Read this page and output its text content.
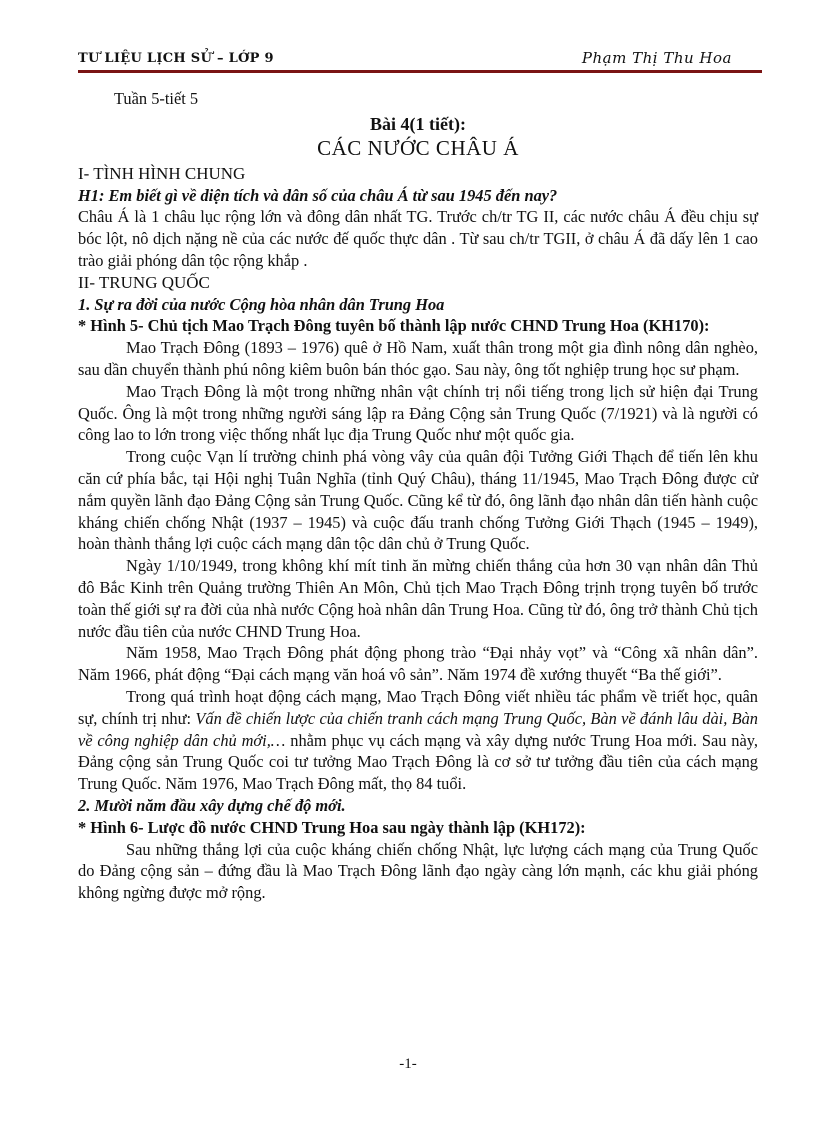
TƯ LIỆU LỊCH SỬ – LỚP 9	Phạm Thị Thu Hoa

Tuần 5-tiết 5

Bài 4(1 tiết):

CÁC NƯỚC CHÂU Á

I- TÌNH HÌNH CHUNG

H1: Em biết gì về diện tích và dân số của châu Á từ sau 1945 đến nay?

Châu Á là 1 châu lục rộng lớn và đông dân nhất TG. Trước ch/tr TG II, các nước châu Á đều chịu sự bóc lột, nô dịch nặng nề của các nước đế quốc thực dân . Từ sau ch/tr TGII, ở châu Á đã dấy lên 1 cao trào giải phóng dân tộc rộng khắp .

II- TRUNG QUỐC

1. Sự ra đời của nước Cộng hòa nhân dân Trung Hoa

* Hình 5- Chủ tịch Mao Trạch Đông tuyên bố thành lập nước CHND Trung Hoa (KH170):

Mao Trạch Đông (1893 – 1976) quê ở Hồ Nam, xuất thân trong một gia đình nông dân nghèo, sau dần chuyển thành phú nông kiêm buôn bán thóc gạo. Sau này, ông tốt nghiệp trung học sư phạm.

Mao Trạch Đông là một trong những nhân vật chính trị nổi tiếng trong lịch sử hiện đại Trung Quốc. Ông là một trong những người sáng lập ra Đảng Cộng sản Trung Quốc (7/1921) và là người có công lao to lớn trong việc thống nhất lục địa Trung Quốc như một quốc gia.

Trong cuộc Vạn lí trường chinh phá vòng vây của quân đội Tưởng Giới Thạch để tiến lên khu căn cứ phía bắc, tại Hội nghị Tuân Nghĩa (tỉnh Quý Châu), tháng 11/1945, Mao Trạch Đông được cử nắm quyền lãnh đạo Đảng Cộng sản Trung Quốc. Cũng kể từ đó, ông lãnh đạo nhân dân tiến hành cuộc kháng chiến chống Nhật (1937 – 1945) và cuộc đấu tranh chống Tưởng Giới Thạch (1945 – 1949), hoàn thành thắng lợi cuộc cách mạng dân tộc dân chủ ở Trung Quốc.

Ngày 1/10/1949, trong không khí mít tinh ăn mừng chiến thắng của hơn 30 vạn nhân dân Thủ đô Bắc Kinh trên Quảng trường Thiên An Môn, Chủ tịch Mao Trạch Đông trịnh trọng tuyên bố trước toàn thế giới sự ra đời của nhà nước Cộng hoà nhân dân Trung Hoa. Cũng từ đó, ông trở thành Chủ tịch nước đầu tiên của nước CHND Trung Hoa.

Năm 1958, Mao Trạch Đông phát động phong trào “Đại nhảy vọt” và “Công xã nhân dân”. Năm 1966, phát động “Đại cách mạng văn hoá vô sản”. Năm 1974 đề xướng thuyết “Ba thế giới”.

Trong quá trình hoạt động cách mạng, Mao Trạch Đông viết nhiều tác phẩm về triết học, quân sự, chính trị như: Vấn đề chiến lược của chiến tranh cách mạng Trung Quốc, Bàn về đánh lâu dài, Bàn về công nghiệp dân chủ mới,… nhằm phục vụ cách mạng và xây dựng nước Trung Hoa mới. Sau này, Đảng cộng sản Trung Quốc coi tư tưởng Mao Trạch Đông là cơ sở tư tưởng đầu tiên của cách mạng Trung Quốc. Năm 1976, Mao Trạch Đông mất, thọ 84 tuổi.

2. Mười năm đầu xây dựng chế độ mới.

* Hình 6- Lược đồ nước CHND Trung Hoa sau ngày thành lập (KH172):

Sau những thắng lợi của cuộc kháng chiến chống Nhật, lực lượng cách mạng của Trung Quốc do Đảng cộng sản – đứng đầu là Mao Trạch Đông lãnh đạo ngày càng lớn mạnh, các khu giải phóng không ngừng được mở rộng.

-1-
